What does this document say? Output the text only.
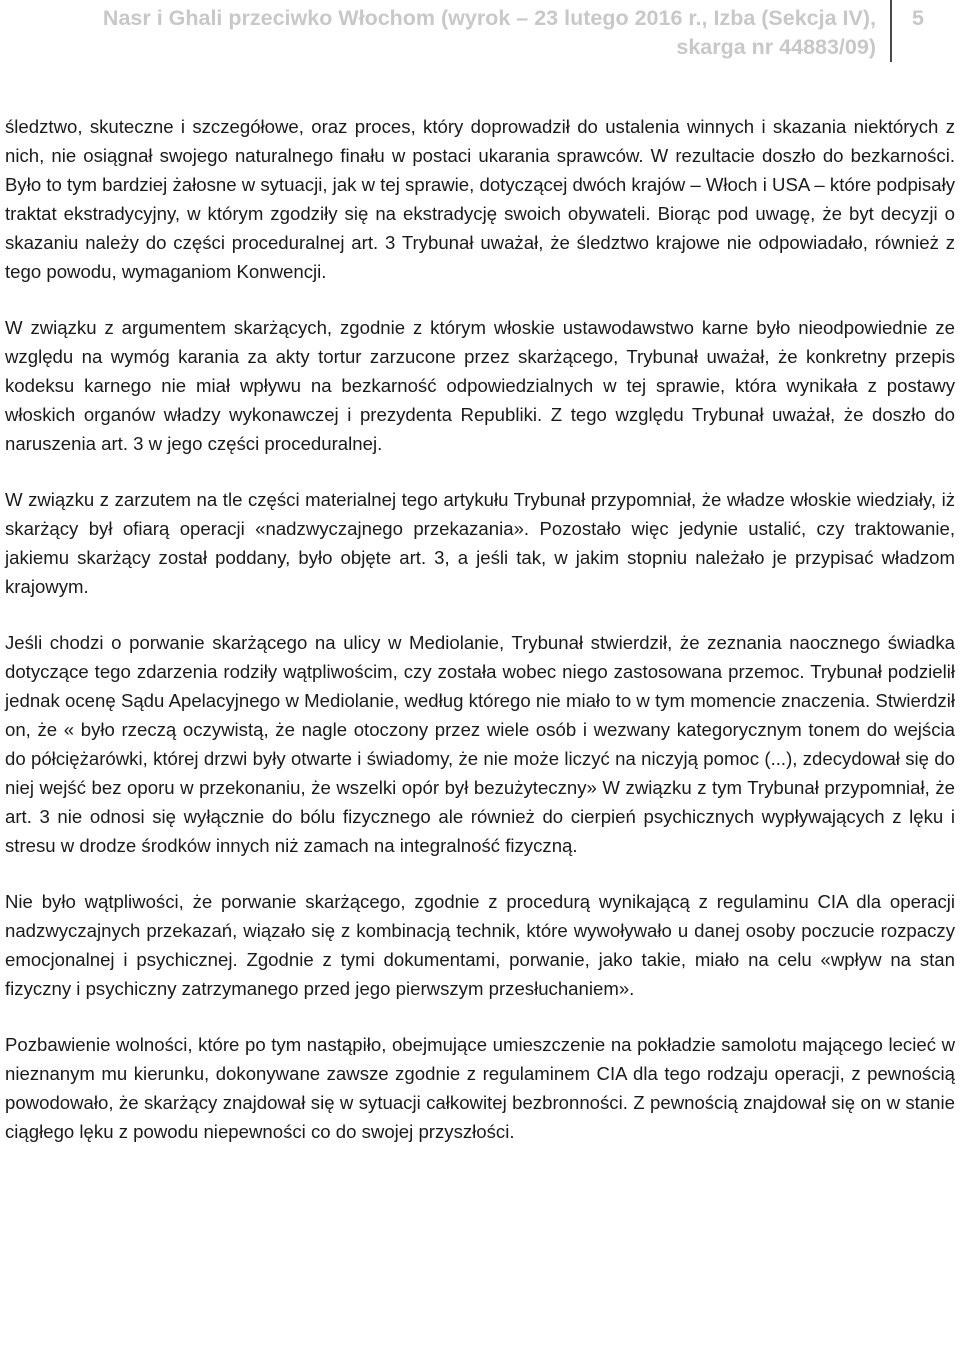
Nasr i Ghali przeciwko Włochom (wyrok – 23 lutego 2016 r., Izba (Sekcja IV),
skarga nr 44883/09)
5

śledztwo, skuteczne i szczegółowe, oraz proces, który doprowadził do ustalenia winnych i skazania niektórych z nich, nie osiągnał swojego naturalnego finału w postaci ukarania sprawców. W rezultacie doszło do bezkarności. Było to tym bardziej żałosne w sytuacji, jak w tej sprawie, dotyczącej dwóch krajów – Włoch i USA – które podpisały traktat ekstradycyjny, w którym zgodziły się na ekstradycję swoich obywateli. Biorąc pod uwagę, że byt decyzji o skazaniu należy do części proceduralnej art. 3 Trybunał uważał, że śledztwo krajowe nie odpowiadało, również z tego powodu, wymaganiom Konwencji.

W związku z argumentem skarżących, zgodnie z którym włoskie ustawodawstwo karne było nieodpowiednie ze względu na wymóg karania za akty tortur zarzucone przez skarżącego, Trybunał uważał, że konkretny przepis kodeksu karnego nie miał wpływu na bezkarność odpowiedzialnych w tej sprawie, która wynikała z postawy włoskich organów władzy wykonawczej i prezydenta Republiki. Z tego względu Trybunał uważał, że doszło do naruszenia art. 3 w jego części proceduralnej.

W związku z zarzutem na tle części materialnej tego artykułu Trybunał przypomniał, że władze włoskie wiedziały, iż skarżący był ofiarą operacji «nadzwyczajnego przekazania». Pozostało więc jedynie ustalić, czy traktowanie, jakiemu skarżący został poddany, było objęte art. 3, a jeśli tak, w jakim stopniu należało je przypisać władzom krajowym.

Jeśli chodzi o porwanie skarżącego na ulicy w Mediolanie, Trybunał stwierdził, że zeznania naocznego świadka dotyczące tego zdarzenia rodziły wątpliwościm, czy została wobec niego zastosowana przemoc. Trybunał podzielił jednak ocenę Sądu Apelacyjnego w Mediolanie, według którego nie miało to w tym momencie znaczenia. Stwierdził on, że « było rzeczą oczywistą, że nagle otoczony przez wiele osób i wezwany kategorycznym tonem do wejścia do półciężarówki, której drzwi były otwarte i świadomy, że nie może liczyć na niczyją pomoc (...), zdecydował się do niej wejść bez oporu w przekonaniu, że wszelki opór był bezużyteczny» W związku z tym Trybunał przypomniał, że art. 3 nie odnosi się wyłącznie do bólu fizycznego ale również do cierpień psychicznych wypływających z lęku i stresu w drodze środków innych niż zamach na integralność fizyczną.

Nie było wątpliwości, że porwanie skarżącego, zgodnie z procedurą wynikającą z regulaminu CIA dla operacji nadzwyczajnych przekazań, wiązało się z kombinacją technik, które wywoływało u danej osoby poczucie rozpaczy emocjonalnej i psychicznej. Zgodnie z tymi dokumentami, porwanie, jako takie, miało na celu «wpływ na stan fizyczny i psychiczny zatrzymanego przed jego pierwszym przesłuchaniem».

Pozbawienie wolności, które po tym nastąpiło, obejmujące umieszczenie na pokładzie samolotu mającego lecieć w nieznanym mu kierunku, dokonywane zawsze zgodnie z regulaminem CIA dla tego rodzaju operacji, z pewnością powodowało, że skarżący znajdował się w sytuacji całkowitej bezbronności. Z pewnością znajdował się on w stanie ciągłego lęku z powodu niepewności co do swojej przyszłości.
